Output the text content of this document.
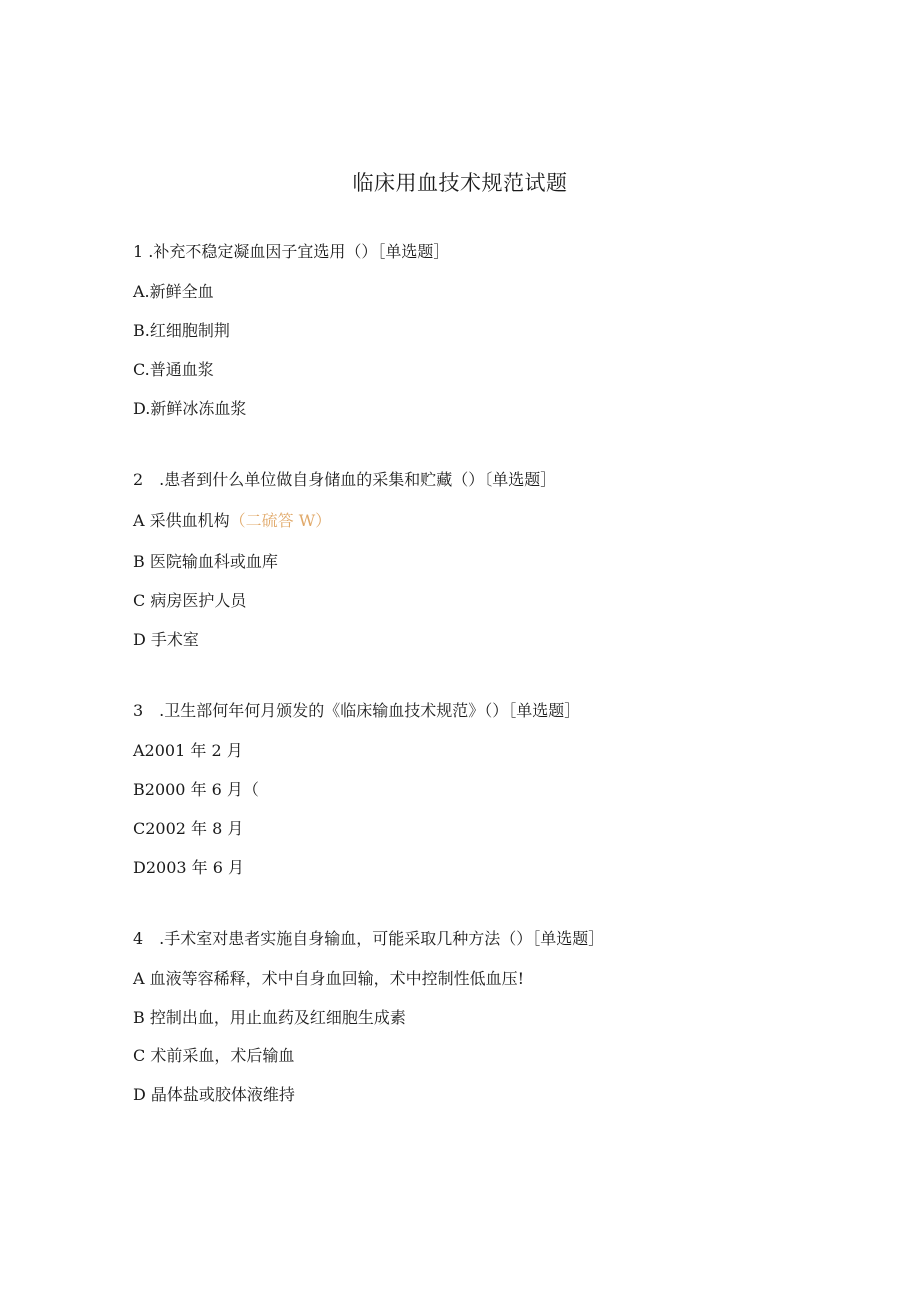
临床用血技术规范试题
1 .补充不稳定凝血因子宜选用（）［单选题］
A.新鲜全血
B.红细胞制荆
C.普通血浆
D.新鲜冰冻血浆
2　.患者到什么单位做自身储血的采集和贮藏（）〔单选题］
A 采供血机构（二硫答 W）
B 医院输血科或血库
C 病房医护人员
D 手术室
3　.卫生部何年何月颁发的《临床输血技术规范》（）［单选题］
A2001 年 2 月
B2000 年 6 月（
C2002 年 8 月
D2003 年 6 月
4　.手术室对患者实施自身输血，可能采取几种方法（）［单选题］
A 血液等容稀释，术中自身血回输，术中控制性低血压!
B 控制出血，用止血药及红细胞生成素
C 术前采血，术后输血
D 晶体盐或胶体液维持
